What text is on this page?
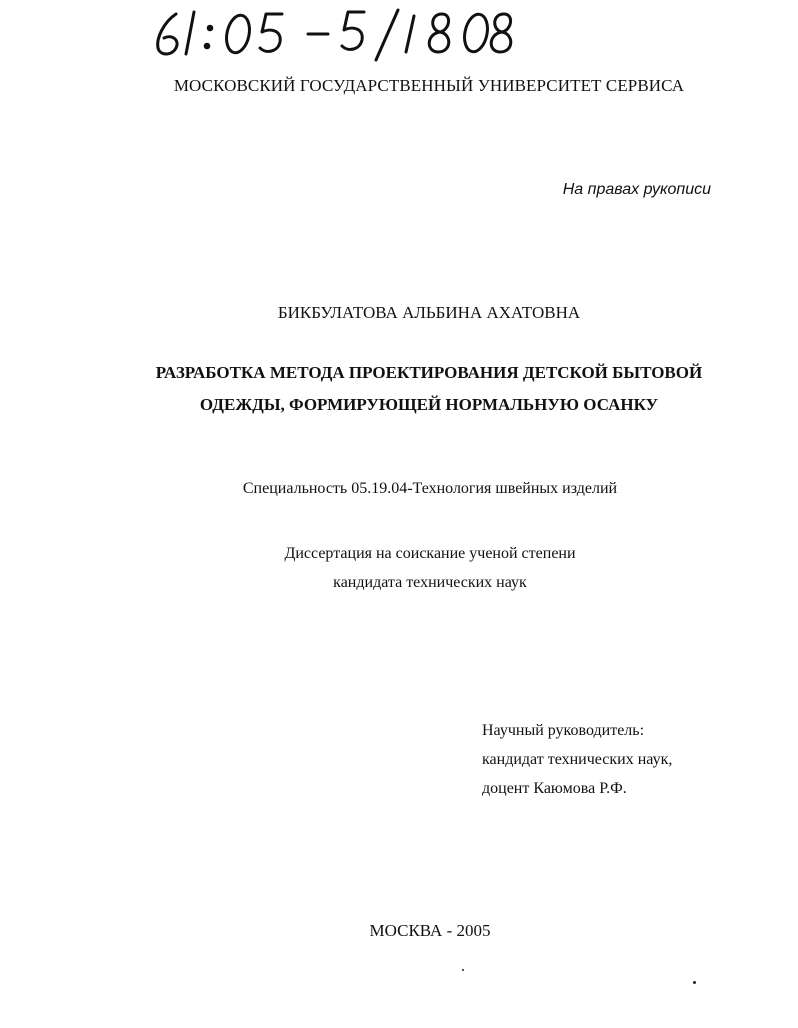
МОСКОВСКИЙ ГОСУДАРСТВЕННЫЙ УНИВЕРСИТЕТ СЕРВИСА
На правах рукописи
БИКБУЛАТОВА АЛЬБИНА АХАТОВНА
РАЗРАБОТКА МЕТОДА ПРОЕКТИРОВАНИЯ ДЕТСКОЙ БЫТОВОЙ
ОДЕЖДЫ, ФОРМИРУЮЩЕЙ НОРМАЛЬНУЮ ОСАНКУ
Специальность 05.19.04-Технология швейных изделий
Диссертация на соискание ученой степени
кандидата технических наук
Научный руководитель:
кандидат технических наук,
доцент Каюмова Р.Ф.
МОСКВА - 2005
